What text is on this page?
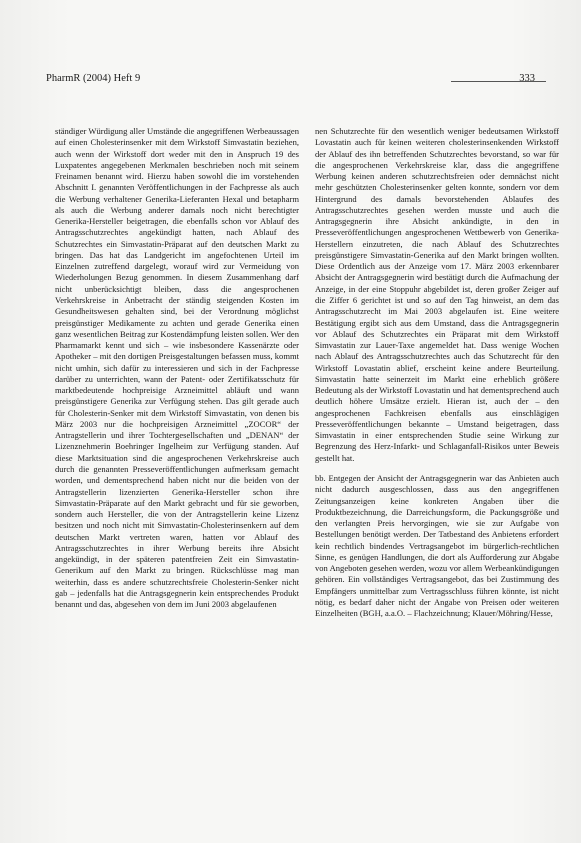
PharmR (2004) Heft 9	333

ständiger Würdigung aller Umstände die angegriffenen Werbeaussagen auf einen Cholesterinsenker mit dem Wirkstoff Simvastatin beziehen, auch wenn der Wirkstoff dort weder mit den in Anspruch 19 des Luxpatentes angegebenen Merkmalen beschrieben noch mit seinem Freinamen benannt wird. Hierzu haben sowohl die im vorstehenden Abschnitt I. genannten Veröffentlichungen in der Fachpresse als auch die Werbung verhaltener Generika-Lieferanten Hexal und betapharm als auch die Werbung anderer damals noch nicht berechtigter Generika-Hersteller beigetragen, die ebenfalls schon vor Ablauf des Antragsschutzrechtes angekündigt hatten, nach Ablauf des Schutzrechtes ein Simvastatin-Präparat auf den deutschen Markt zu bringen. Das hat das Landgericht im angefochtenen Urteil im Einzelnen zutreffend dargelegt, worauf wird zur Vermeidung von Wiederholungen Bezug genommen. In diesem Zusammenhang darf nicht unberücksichtigt bleiben, dass die angesprochenen Verkehrskreise in Anbetracht der ständig steigenden Kosten im Gesundheitswesen gehalten sind, bei der Verordnung möglichst preisgünstiger Medikamente zu achten und gerade Generika einen ganz wesentlichen Beitrag zur Kostendämpfung leisten sollen. Wer den Pharmamarkt kennt und sich – wie insbesondere Kassenärzte oder Apotheker – mit den dortigen Preisgestaltungen befassen muss, kommt nicht umhin, sich dafür zu interessieren und sich in der Fachpresse darüber zu unterrichten, wann der Patent- oder Zertifikatsschutz für marktbedeutende hochpreisige Arzneimittel abläuft und wann preisgünstigere Generika zur Verfügung stehen. Das gilt gerade auch für Cholesterin-Senker mit dem Wirkstoff Simvastatin, von denen bis März 2003 nur die hochpreisigen Arzneimittel „ZOCOR“ der Antragstellerin und ihrer Tochtergesellschaften und „DENAN“ der Lizenznehmerin Boehringer Ingelheim zur Verfügung standen. Auf diese Marktsituation sind die angesprochenen Verkehrskreise auch durch die genannten Presseveröffentlichungen aufmerksam gemacht worden, und dementsprechend haben nicht nur die beiden von der Antragstellerin lizenzierten Generika-Hersteller schon ihre Simvastatin-Präparate auf den Markt gebracht und für sie geworben, sondern auch Hersteller, die von der Antragstellerin keine Lizenz besitzen und noch nicht mit Simvastatin-Cholesterinsenkern auf dem deutschen Markt vertreten waren, hatten vor Ablauf des Antragsschutzrechtes in ihrer Werbung bereits ihre Absicht angekündigt, in der späteren patentfreien Zeit ein Simvastatin-Generikum auf den Markt zu bringen. Rückschlüsse mag man weiterhin, dass es andere schutzrechtsfreie Cholesterin-Senker nicht gab – jedenfalls hat die Antragsgegnerin kein entsprechendes Produkt benannt und das, abgesehen von dem im Juni 2003 abgelaufenen

nen Schutzrechte für den wesentlich weniger bedeutsamen Wirkstoff Lovastatin auch für keinen weiteren cholesterinsenkenden Wirkstoff der Ablauf des ihn betreffenden Schutzrechtes bevorstand, so war für die angesprochenen Verkehrskreise klar, dass die angegriffene Werbung keinen anderen schutzrechtsfreien oder demnächst nicht mehr geschützten Cholesterinsenker gelten konnte, sondern vor dem Hintergrund des damals bevorstehenden Ablaufes des Antragsschutzrechtes gesehen werden musste und auch die Antragsgegnerin ihre Absicht ankündigte, in den in Presseveröffentlichungen angesprochenen Wettbewerb von Generika-Herstellern einzutreten, die nach Ablauf des Schutzrechtes preisgünstigere Simvastatin-Generika auf den Markt bringen wollten. Diese Ordentlich aus der Anzeige vom 17. März 2003 erkennbarer Absicht der Antragsgegnerin wird bestätigt durch die Aufmachung der Anzeige, in der eine Stoppuhr abgebildet ist, deren großer Zeiger auf die Ziffer 6 gerichtet ist und so auf den Tag hinweist, an dem das Antragsschutzrecht im Mai 2003 abgelaufen ist. Eine weitere Bestätigung ergibt sich aus dem Umstand, dass die Antragsgegnerin vor Ablauf des Schutzrechtes ein Präparat mit dem Wirkstoff Simvastatin zur Lauer-Taxe angemeldet hat. Dass wenige Wochen nach Ablauf des Antragsschutzrechtes auch das Schutzrecht für den Wirkstoff Lovastatin ablief, erscheint keine andere Beurteilung. Simvastatin hatte seinerzeit im Markt eine erheblich größere Bedeutung als der Wirkstoff Lovastatin und hat dementsprechend auch deutlich höhere Umsätze erzielt. Hieran ist, auch der – den angesprochenen Fachkreisen ebenfalls aus einschlägigen Presseveröffentlichungen bekannte – Umstand beigetragen, dass Simvastatin in einer entsprechenden Studie seine Wirkung zur Begrenzung des Herz-Infarkt- und Schlaganfall-Risikos unter Beweis gestellt hat.

bb. Entgegen der Ansicht der Antragsgegnerin war das Anbieten auch nicht dadurch ausgeschlossen, dass aus den angegriffenen Zeitungsanzeigen keine konkreten Angaben über die Produktbezeichnung, die Darreichungsform, die Packungsgröße und den verlangten Preis hervorgingen, wie sie zur Aufgabe von Bestellungen benötigt werden. Der Tatbestand des Anbietens erfordert kein rechtlich bindendes Vertragsangebot im bürgerlich-rechtlichen Sinne, es genügen Handlungen, die dort als Aufforderung zur Abgabe von Angeboten gesehen werden, wozu vor allem Werbeankündigungen gehören. Ein vollständiges Vertragsangebot, das bei Zustimmung des Empfängers unmittelbar zum Vertragsschluss führen könnte, ist nicht nötig, es bedarf daher nicht der Angabe von Preisen oder weiteren Einzelheiten (BGH, a.a.O. – Flachzeichnung; Klauer/Möhring/Hesse,
